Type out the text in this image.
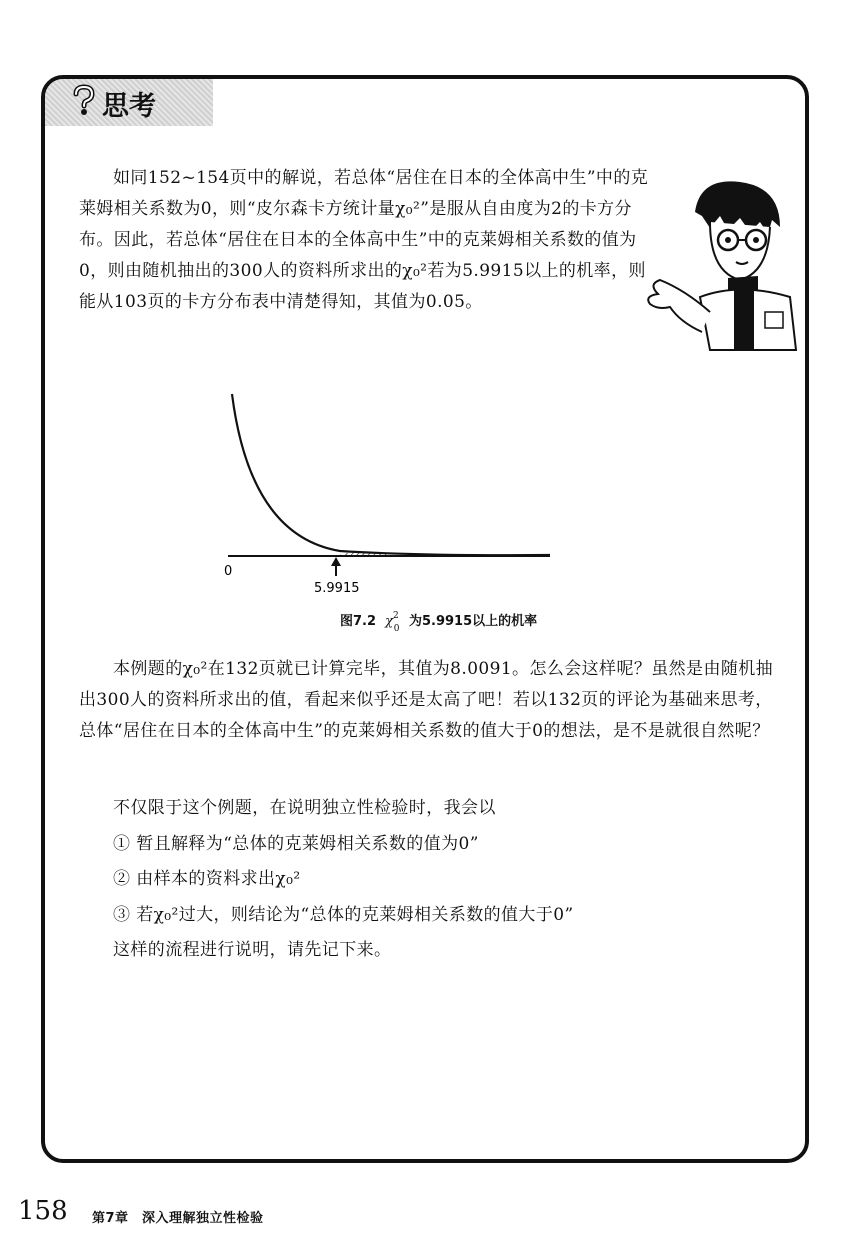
思考

如同152~154页中的解说，若总体“居住在日本的全体高中生”中的克莱姆相关系数为0，则“皮尔森卡方统计量χ₀²”是服从自由度为2的卡方分布。因此，若总体“居住在日本的全体高中生”中的克莱姆相关系数的值为0，则由随机抽出的300人的资料所求出的χ₀²若为5.9915以上的机率，则能从103页的卡方分布表中清楚得知，其值为0.05。

0
5.9915
图7.2 $\chi^2_0$ 为5.9915以上的机率

本例题的χ₀²在132页就已计算完毕，其值为8.0091。怎么会这样呢？虽然是由随机抽出300人的资料所求出的值，看起来似乎还是太高了吧！若以132页的评论为基础来思考，总体“居住在日本的全体高中生”的克莱姆相关系数的值大于0的想法，是不是就很自然呢？

不仅限于这个例题，在说明独立性检验时，我会以
① 暂且解释为“总体的克莱姆相关系数的值为0”
② 由样本的资料求出χ₀²
③ 若χ₀²过大，则结论为“总体的克莱姆相关系数的值大于0”
这样的流程进行说明，请先记下来。
158 第7章　深入理解独立性检验
